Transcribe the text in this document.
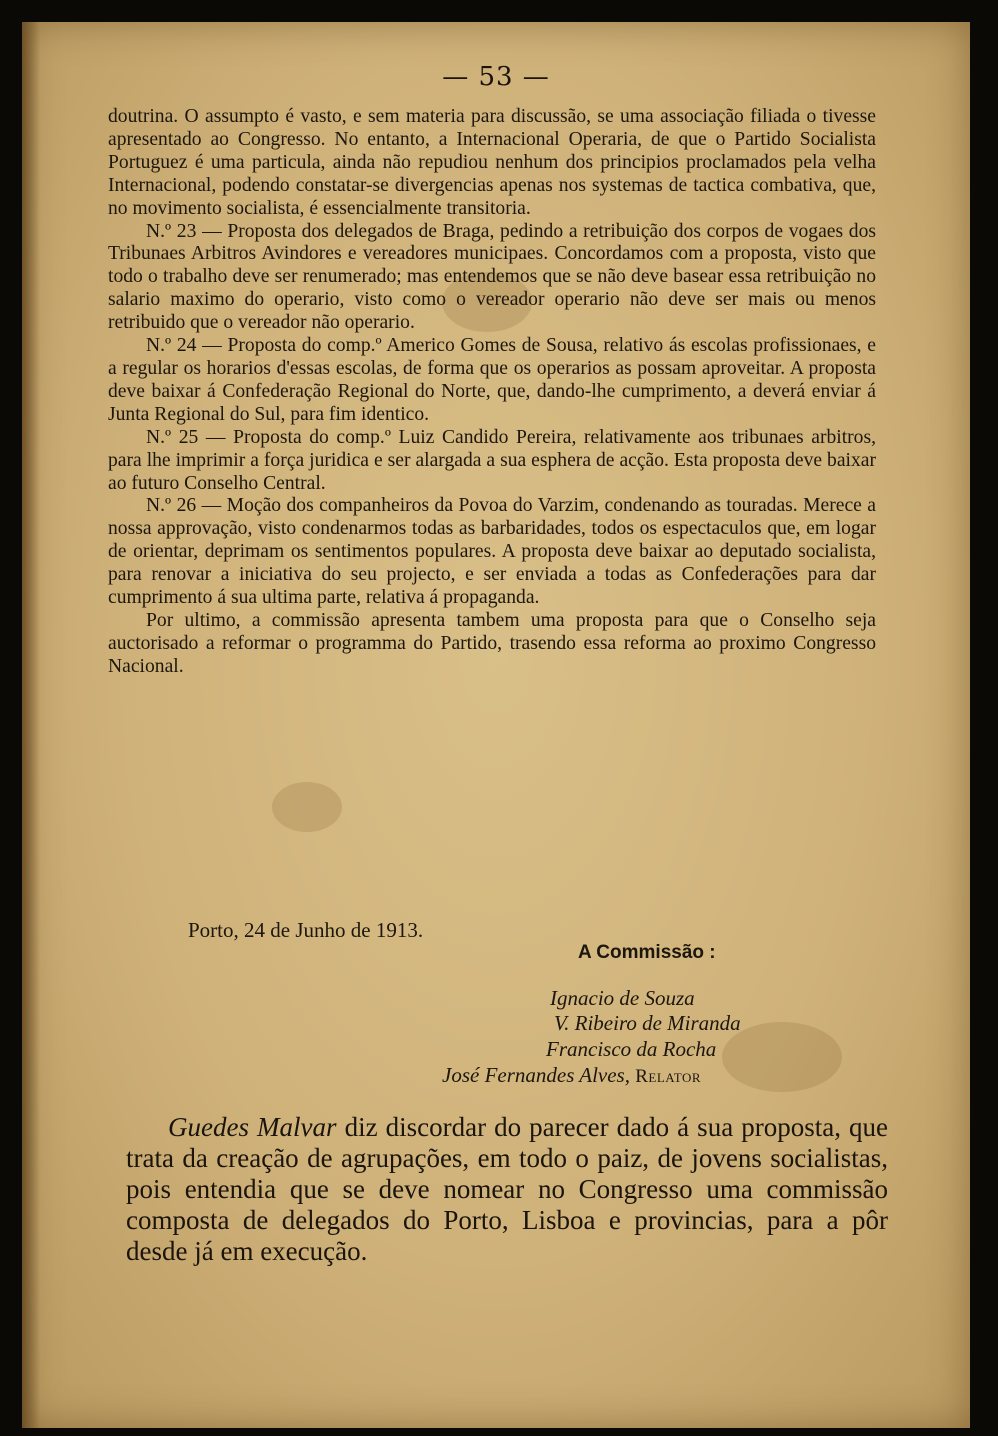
— 53 —

doutrina. O assumpto é vasto, e sem materia para discussão, se uma associação filiada o tivesse apresentado ao Congresso. No entanto, a Internacional Operaria, de que o Partido Socialista Portuguez é uma particula, ainda não repudiou nenhum dos principios proclamados pela velha Internacional, podendo constatar-se divergencias apenas nos systemas de tactica combativa, que, no movimento socialista, é essencialmente transitoria.

N.º 23 — Proposta dos delegados de Braga, pedindo a retribuição dos corpos de vogaes dos Tribunaes Arbitros Avindores e vereadores municipaes. Concordamos com a proposta, visto que todo o trabalho deve ser renumerado; mas entendemos que se não deve basear essa retribuição no salario maximo do operario, visto como o vereador operario não deve ser mais ou menos retribuido que o vereador não operario.

N.º 24 — Proposta do comp.º Americo Gomes de Sousa, relativo ás escolas profissionaes, e a regular os horarios d'essas escolas, de forma que os operarios as possam aproveitar. A proposta deve baixar á Confederação Regional do Norte, que, dando-lhe cumprimento, a deverá enviar á Junta Regional do Sul, para fim identico.

N.º 25 — Proposta do comp.º Luiz Candido Pereira, relativamente aos tribunaes arbitros, para lhe imprimir a força juridica e ser alargada a sua esphera de acção. Esta proposta deve baixar ao futuro Conselho Central.

N.º 26 — Moção dos companheiros da Povoa do Varzim, condenando as touradas. Merece a nossa approvação, visto condenarmos todas as barbaridades, todos os espectaculos que, em logar de orientar, deprimam os sentimentos populares. A proposta deve baixar ao deputado socialista, para renovar a iniciativa do seu projecto, e ser enviada a todas as Confederações para dar cumprimento á sua ultima parte, relativa á propaganda.

Por ultimo, a commissão apresenta tambem uma proposta para que o Conselho seja auctorisado a reformar o programma do Partido, trasendo essa reforma ao proximo Congresso Nacional.

Porto, 24 de Junho de 1913.
A Commissão :
Ignacio de Souza
V. Ribeiro de Miranda
Francisco da Rocha
José Fernandes Alves, Relator

Guedes Malvar diz discordar do parecer dado á sua proposta, que trata da creação de agrupações, em todo o paiz, de jovens socialistas, pois entendia que se deve nomear no Congresso uma commissão composta de delegados do Porto, Lisboa e provincias, para a pôr desde já em execução.
